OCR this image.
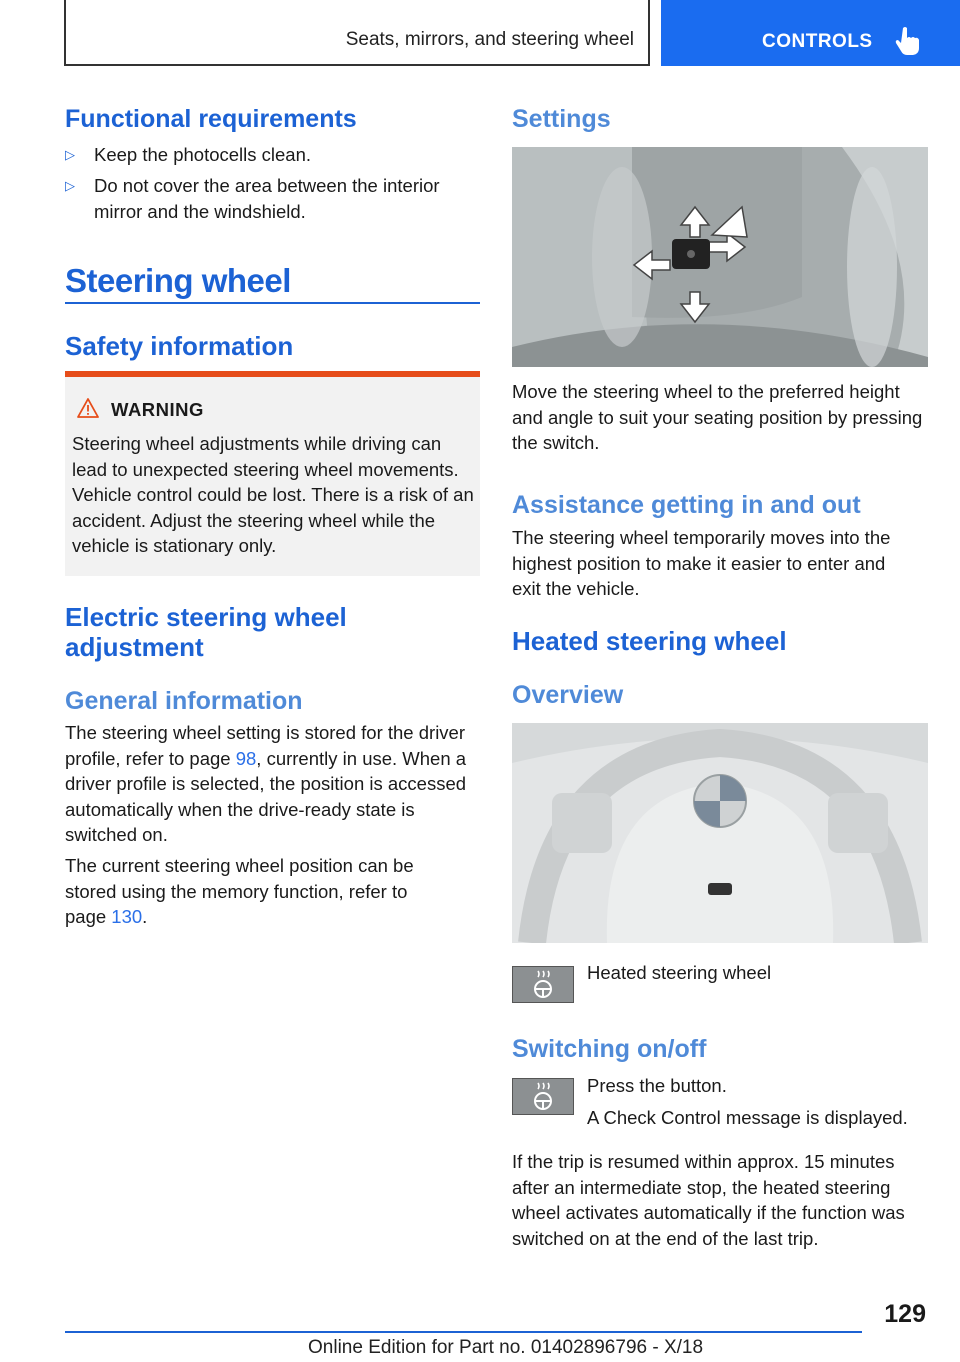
Seats, mirrors, and steering wheel	CONTROLS
Functional requirements
▷ Keep the photocells clean.
▷ Do not cover the area between the interior mirror and the windshield.
Steering wheel
Safety information
WARNING
Steering wheel adjustments while driving can lead to unexpected steering wheel movements. Vehicle control could be lost. There is a risk of an accident. Adjust the steering wheel while the vehicle is stationary only.
Electric steering wheel adjustment
General information
The steering wheel setting is stored for the driver profile, refer to page 98, currently in use. When a driver profile is selected, the position is accessed automatically when the drive-ready state is switched on.
The current steering wheel position can be stored using the memory function, refer to page 130.
Settings
Move the steering wheel to the preferred height and angle to suit your seating position by pressing the switch.
Assistance getting in and out
The steering wheel temporarily moves into the highest position to make it easier to enter and exit the vehicle.
Heated steering wheel
Overview
Heated steering wheel
Switching on/off
Press the button.
A Check Control message is displayed.
If the trip is resumed within approx. 15 minutes after an intermediate stop, the heated steering wheel activates automatically if the function was switched on at the end of the last trip.
129
Online Edition for Part no. 01402896796 - X/18
